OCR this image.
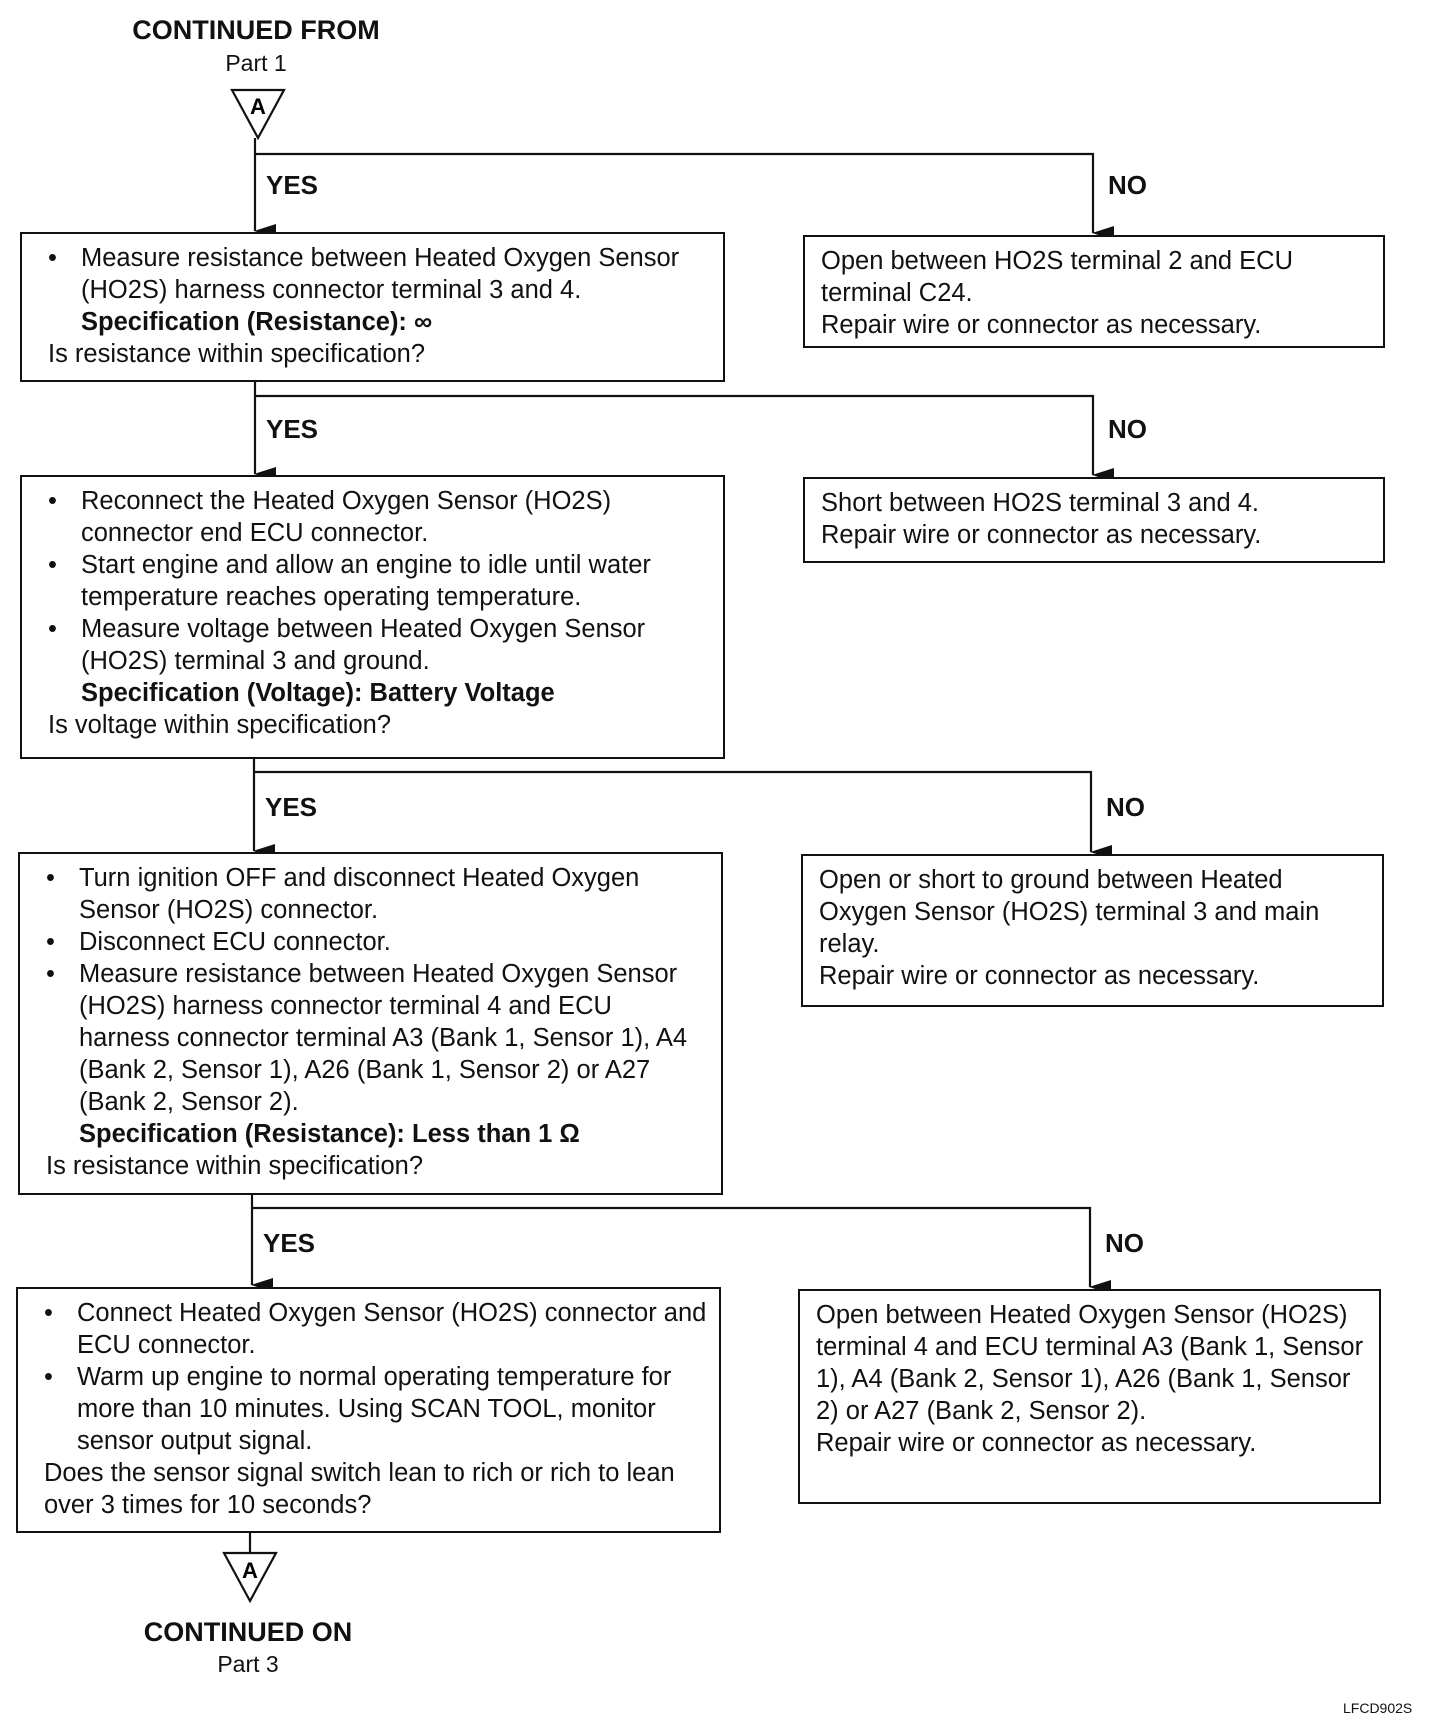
A
A
CONTINUED FROM
Part 1
YES	NO
YES	NO
YES	NO
YES	NO
• Measure resistance between Heated Oxygen Sensor (HO2S) harness connector terminal 3 and 4.
Specification (Resistance): ∞
Is resistance within specification?
Open between HO2S terminal 2 and ECU terminal C24.
Repair wire or connector as necessary.
• Reconnect the Heated Oxygen Sensor (HO2S) connector end ECU connector.
• Start engine and allow an engine to idle until water temperature reaches operating temperature.
• Measure voltage between Heated Oxygen Sensor (HO2S) terminal 3 and ground.
Specification (Voltage): Battery Voltage
Is voltage within specification?
Short between HO2S terminal 3 and 4.
Repair wire or connector as necessary.
• Turn ignition OFF and disconnect Heated Oxygen Sensor (HO2S) connector.
• Disconnect ECU connector.
• Measure resistance between Heated Oxygen Sensor (HO2S) harness connector terminal 4 and ECU harness connector terminal A3 (Bank 1, Sensor 1), A4 (Bank 2, Sensor 1), A26 (Bank 1, Sensor 2) or A27 (Bank 2, Sensor 2).
Specification (Resistance): Less than 1 Ω
Is resistance within specification?
Open or short to ground between Heated Oxygen Sensor (HO2S) terminal 3 and main relay.
Repair wire or connector as necessary.
• Connect Heated Oxygen Sensor (HO2S) connector and ECU connector.
• Warm up engine to normal operating temperature for more than 10 minutes. Using SCAN TOOL, monitor sensor output signal.
Does the sensor signal switch lean to rich or rich to lean over 3 times for 10 seconds?
Open between Heated Oxygen Sensor (HO2S) terminal 4 and ECU terminal A3 (Bank 1, Sensor 1), A4 (Bank 2, Sensor 1), A26 (Bank 1, Sensor 2) or A27 (Bank 2, Sensor 2).
Repair wire or connector as necessary.
CONTINUED ON
Part 3
LFCD902S
